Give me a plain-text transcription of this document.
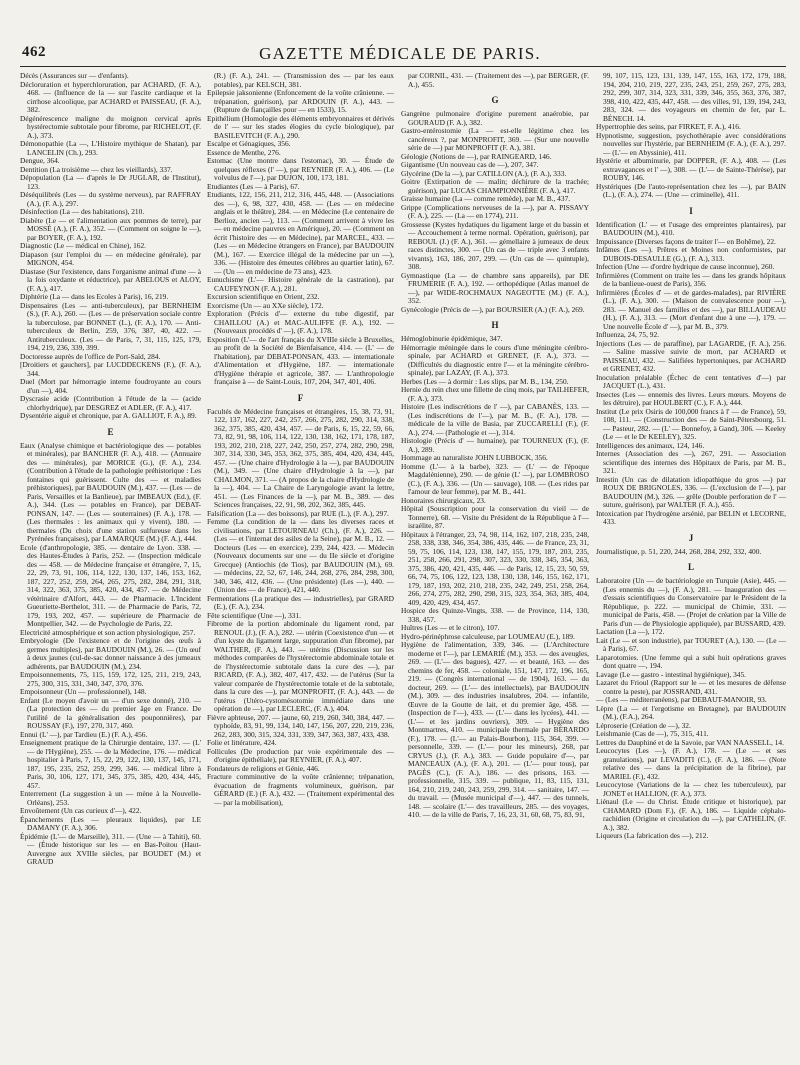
462	GAZETTE MÉDICALE DE PARIS.
Décès (Assurances sur — d'enfants).
Décloruration et hyperchloruration, par ACHARD, (F. A.), 468. — (Influence de la — sur l'ascite cardiaque et la cirrhose alcoolique, par ACHARD et PAISSEAU, (F. A.), 382.
Dégénérescence maligne du moignon cervical après hystérectomie subtotale pour fibrome, par RICHELOT, (F. A.), 373.
Démonopathie (La —, L'Histoire mythique de Shatan), par LANCELIN (Ch.), 293.
Dengue, 364.
Dentition (La troisième — chez les vieillards), 337.
Dépopulation (La — d'après le Dr JUGLAR, de l'Institut), 123.
Déséquilibrés (Les — du système nerveux), par RAFFRAY (A.), (F. A.), 297.
Désinfection (La — des habitations), 210.
Diabète (Le — et l'alimentation aux pommes de terre), par MOSSÉ (A.), (F. A.), 352. — (Comment on soigne le —), par BOYER, (F. A.), 192.
Diagnostic (Le — médical en Chine), 162.
Diapason (sur l'emploi du — en médecine générale), par MIGNON, 454.
Diastase (Sur l'existence, dans l'organisme animal d'une — à la fois oxydante et réductrice), par ABELOUS et ALOY, (F. A.), 417.
Diphtérie (La — dans les Ecoles à Paris), 16, 219.
Dispensaires (Les — anti-tuberculeux), par BERNHEIM (S.), (F. A.), 260. — (Les — de préservation sociale contre la tuberculose, par BONNET (L.), (F. A.), 170. — Anti-tuberculeux de Berlin, 259, 376, 387, 40, 422. — Antituberculeux. (Les — de Paris, 7, 31, 115, 125, 179, 194, 219, 236, 339, 399.
Doctoresse auprès de l'office de Port-Saïd, 284.
[Droitiers et gauchers], par LUCDDECKENS (F.), (F. A.), 344.
Duel (Mort par hémorragie interne foudroyante au cours d'un —), 404.
Dyscrasie acide (Contribution à l'étude de la — (acide chlorhydrique), par DESGREZ et ADLER, (F. A.), 417.
Dysentérie aiguë et chronique, par A. GALLIOT, F. A.), 89.
E
Eaux (Analyse chimique et bactériologique des — potables et minérales), par BANCHER (F. A.), 418. — (Annuaire des — minérales), par MORICE (G.), (F. A.), 234. (Contribution à l'étude de la pathologie préhistorique : Les fontaines qui guérissent. Culte des — et maladies préhistoriques), par BAUDOUIN (M.), 437. — (Les — de Paris, Versailles et la Banlieue), par IMBEAUX (Ed.), (F. A.), 344. (Les — potables en France), par DEBAT-PONSAN, 147. — (Les — souterraines) (F. A.), 178. — (Les thermales : les animaux qui y vivent), 180. — thermales (Du choix d'une station sulfureuse dans les Pyrénées françaises), par LAMARQUE (M.) (F. A.), 444.
Ecole (d'anthropologie, 385. — dentaire de Lyon. 338. — des Hautes-Études à Paris, 252. — (Inspection médicale des — 458. — de Médecine française et étrangère, 7, 15, 22, 29, 73, 91, 106, 114, 122, 130, 137, 146, 153, 162, 187, 227, 252, 259, 264, 265, 275, 282, 284, 291, 318, 314, 322, 363, 375, 385, 420, 434, 457. — de Médecine vétérinaire d'Alfort, 443. — de Pharmacie. L'Incident Gueuriette-Berthelot, 311. — de Pharmacie de Paris, 72, 179, 193, 202, 457. — supérieure de Pharmacie de Montpellier, 342. — de Psychologie de Paris, 22.
Electricité atmosphérique et son action physiologique, 257.
Embryologie (De l'existence et de l'origine des œufs à germes multiples), par BAUDOUIN (M.), 26. — (Un œuf à deux jaunes (cul-de-sac donner naissance à des jumeaux adhérents, par BAUDOUIN (M.), 234.
Empoisonnements, 75, 115, 159, 172, 125, 211, 219, 243, 275, 300, 315, 331, 340, 347, 370, 376.
Empoisonneur (Un — professionnel), 148.
Enfant (Le moyen d'avoir un — d'un sexe donné), 210. — (La protection des — du premier âge en France. De l'utilité de la généralisation des pouponnières), par ROUSSAY (F.), 197, 270, 317, 460.
Ennui (L' —), par Tardieu (E.) (F. A.), 456.
Enseignement pratique de la Chirurgie dentaire, 137. — (L' — de l'Hygiène), 255. — de la Médecine, 176. — médical hospitalier à Paris, 7, 15, 22, 29, 122, 130, 137, 145, 171, 187, 195, 235, 252, 259, 299, 346. — médical libre à Paris, 30, 106, 127, 171, 345, 375, 385, 420, 434, 445, 457.
Enterrement (La suggestion à un — mène à la Nouvelle-Orléans), 253.
Envoûtement (Un cas curieux d'—), 422.
Épanchements (Les — pleuraux liquides), par LE DAMANY (F. A.), 306.
Épidémie (L'— de Marseille), 311. — (Une — à Tahiti), 60. — (Étude historique sur les — en Bas-Poitou (Haut-Auvergne aux XVIIIe siècles, par BOUDET (M.) et GRAUD
(R.) (F. A.), 241. — (Transmission des — par les eaux potables), par KELSCH, 381.
Epilepsie jaksonienne (Enfoncement de la voûte crânienne. — trépanation, guérison), par ARDOUIN (F. A.), 443. — (Rupture de fiançailles pour — en 1533), 15.
Epithélium (Homologie des éléments embryonnaires et dérivés de l' — sur les stades élogies du cycle biologique), par BASILEVITCH (F. A.), 290.
Escalpe et Génagiques, 356.
Essence de Menthe, 276.
Estomac (Une montre dans l'estomac), 30. — Étude de quelques réflexes (l' —), par REYNIER (F. A.), 406. — (Le volvulus de l'—), par DUJON, 100, 173, 181.
Etudiantes (Les — à Paris), 67.
Etudiants, 122, 156, 211, 212, 316, 445, 448. — (Associations des —), 6, 98, 327, 430, 458. — (Les — en médecine anglais et le théâtre), 284. — en Médecine (Le centenaire de Berlioz, ancien —), 113. — (Comment arrivent à vivre les — en médecine pauvres en Amérique), 20. — (Comment on écrit l'histoire des — en Médecine), par MARCEL, 433. — (Les — en Médecine étrangers en France), par BAUDOUIN (M.), 167. — Exercice illégal de la médecine par un —), 336. — (Histoire des émeutes célèbres au quartier latin), 67. — (Un — en médecine de 73 ans), 423.
Eunuchisme (L'— Histoire générale de la castration), par CAUFEYNON (F. A.), 281.
Excursion scientifique en Orient, 232.
Exorcisme (Un — au XXe siècle), 172.
Exploration (Précis d'— externe du tube digestif, par CHAILLOU (A.) et MAC-AULIFFE (F. A.), 192. — (Nouveaux procédés d' —), (F. A.), 178.
Exposition (L'— de l'art français du XVIIIe siècle à Bruxelles, au profit de la Société de Bienfaisance, 414. — (L' — de l'habitation), par DEBAT-PONSAN, 433. — internationale d'Alimentation et d'Hygiène, 187. — internationale d'Hygiène thérapie et agricole, 387. — L'anthropologie française à — de Saint-Louis, 107, 204, 347, 401, 406.
F
Facultés de Médecine françaises et étrangères, 15, 38, 73, 91, 122, 137, 162, 227, 242, 257, 266, 275, 282, 290, 314, 338, 362, 375, 385, 420, 434, 457. — de Paris, 6, 15, 22, 59, 66, 73, 82, 91, 98, 106, 114, 122, 130, 138, 162, 171, 178, 187, 193, 202, 210, 218, 227, 242, 250, 257, 274, 282, 290, 298, 307, 314, 330, 345, 353, 362, 375, 385, 404, 420, 434, 445, 457. — (Une chaire d'Hydrologie à la —), par BAUDOUIN (M.), 349. — (Une chaire d'Hydrologie à la —), par CHALMON, 371. — (A propos de la chaire d'Hydrologie de la —), 404. — La Chaire de Laryngologie avant la lettre, 451. — (Les Finances de la —), par M. B., 389. — des Sciences françaises, 22, 91, 98, 202, 362, 385, 445.
Falsification (La — des boissons), par RUE (L.), (F. A.), 297.
Femme (La condition de la — dans les diverses races et civilisations, par LETOURNEAU (Ch.), (F. A.), 226. — (Les — et l'internat des asiles de la Seine), par M. B., 12. — Docteurs (Les — en exercice), 239, 244, 423. — Médecin (Nouveaux documents sur une — du IIe siècle et d'origine Grecque) (Antiochis (de Tios), par BAUDOUIN (M.), 69. — médecins, 22, 52, 67, 146, 244, 268, 276, 284, 298, 300, 340, 346, 412, 436. — (Une présidente) (Les —), 440. — (Union des — de France), 421, 440.
Fermentations (La pratique des — industrielles), par GRARD (E.), (F. A.), 234.
Fête scientifique (Une —), 331.
Fibrome de la portion abdominale du ligament rond, par RENOUL (J.), (F. A.), 282. — utérin (Coexistence d'un — et d'un kyste du ligament large, suppuration d'un fibrome), par WALTHER, (F. A.), 443. — utérins (Discussion sur les méthodes comparées de l'hystérectomie abdominale totale et de l'hystérectomie subtotale dans la cure des —), par RICARD, (F. A.), 382, 407, 417, 432. — de l'utérus (Sur la valeur comparée de l'hystérectomie totale et de la subtotale, dans la cure des —), par MONPROFIT, (F. A.), 443. — de l'utérus (Utéro-cystomésotomie immédiate dans une opération de —), par LECLERC, (F. A.), 404.
Fièvre aphteuse, 207. — jaune, 60, 219, 260, 340, 384, 447. — typhoïde, 83, 91, 99, 134, 140, 147, 156, 207, 220, 219, 236, 262, 283, 300, 315, 324, 331, 339, 347, 363, 387, 433, 438.
Folie et littérature, 424.
Follicules (De production par voie expérimentale des — d'origine épithéliale), par REYNIER, (F. A.), 407.
Fondateurs de religions et Génie, 446.
Fracture comminutive de la voûte crânienne; trépanation, évacuation de fragments volumineux, guérison, par GÉRARD (E.) (F. A.), 432. — (Traitement expérimental des — par la mobilisation),
par CORNIL, 431. — (Traitement des —), par BERGER, (F. A.), 455.
G
Gangrène pulmonaire d'origine purement anaérobie, par GOURAUD (F. A.), 382.
Gastro-entérostomie (La — est-elle légitime chez les cancéreux ?, par MONPROFIT, 369. — (Sur une nouvelle série de —) par MONPROFIT (F. A.), 381.
Géologie (Notions de —), par RAINGEARD, 146.
Gigantisme (Un nouveau cas de —), 207, 347.
Glycérine (De la —), par CATILLON (A.), (F. A.), 333.
Goitre (Extirpation de — malin; déchirure de la trachée; guérison), par LUCAS CHAMPIONNIÈRE (F. A.), 417.
Graisse humaine (La — comme remède), par M. B., 437.
Grippe (Complications nerveuses de la —), par A. PISSAVY (F. A.), 225. — (La — en 1774), 211.
Grossesse (Kystes hydatiques du ligament large et du bassin et — Accouchement à terme normal. Opération, guérison), par REBOUL (J.) (F. A.), 361. — gémellaire à jumeaux de deux races distinctes, 300. — (Un cas de — triple avec 3 enfants vivants), 163, 186, 207, 299. — (Un cas de — quintuple), 308.
Gymnastique (La — de chambre sans appareils), par DE FRUMERIE (F. A.), 192. — orthopédique (Atlas manuel de —), par WIDE-ROCHMAUX NAGEOTTE (M.) (F. A.), 352.
Gynécologie (Précis de —), par BOURSIER (A.) (F. A.), 269.
H
Hémoglobinurie épidémique, 347.
Hémorragie méningée dans le cours d'une méningite cérébro-spinale, par ACHARD et GRENET, (F. A.), 373. — (Difficultés du diagnostic entre l'— et la méningite cérébro-spinale), par LAZAY, (F. A.), 373.
Herbes (Les — à dormir : Les slips, par M. B., 134, 250.
Hernie du rein chez une fillette de cinq mois, par TAILHEFER, (F. A.), 373.
Histoire (Les indiscrétions de l' —), par CABANÈS, 133. — (Les indiscrétions de l'—), par M. B., (F. A.), 178. — médicale de la ville de Basia, par ZUCCARELLI (F.), (F. A.), 274. — (Pathologie et —), 314.
Histologie (Précis d' — humaine), par TOURNEUX (F.), (F. A.), 289.
Hommage au naturaliste JOHN LUBBOCK, 356.
Homme (L'— à la barbe), 323. — (L' — de l'époque Magdalénienne), 290. — de génie (L' —), par LOMBROSO (C.), (F. A.), 336. — (Un — sauvage), 108. — (Les rides par l'amour de leur femme), par M. B., 441.
Honoraires chirurgicaux, 23.
Hôpital (Souscription pour la conservation du vieil — de Tonnerre), 68. — Visite du Président de la République à l'— israélite, 87.
Hôpitaux à l'étranger, 23, 74, 98, 114, 162, 107, 218, 235, 248, 258, 338, 338, 346, 354, 386, 435, 446. — de France, 23, 31, 59, 75, 106, 114, 123, 138, 147, 155, 179, 187, 203, 235, 251, 258, 266, 291, 298, 307, 323, 330, 338, 345, 354, 363, 375, 386, 420, 421, 435, 446. — de Paris, 12, 15, 23, 50, 59, 66, 74, 75, 106, 122, 123, 138, 130, 138, 146, 155, 162, 171, 179, 187, 193, 202, 210, 218, 235, 242, 249, 251, 258, 264, 266, 274, 275, 282, 290, 298, 315, 323, 354, 363, 385, 404, 409, 420, 429, 434, 457.
Hospice des Quinze-Vingts, 338. — de Province, 114, 130, 338, 457.
Huîtres (Les — et le citron), 107.
Hydro-périnéphrose calculeuse, par LOUMEAU (E.), 189.
Hygiène de l'alimentation, 339, 346. — (L'Architecture moderne et l'—), par LEMARIÉ (M.), 353. — des aveugles, 269. — (L'— des bagues), 427. — et beauté, 163. — des chemins de fer, 458. — coloniale, 151, 147, 172, 196, 165, 219. — (Congrès international — de 1904), 163. — du docteur, 269. — (L'— des intellectuels), par BAUDOUIN (M.), 309. — des industries insalubres, 204. — infantile, Œuvre de la Goutte de lait, et du premier âge, 458. — (Inspection de l'—), 433. — (L'— dans les lycées), 441. — (L'— et les jardins ouvriers), 309. — Hygiène des Montmartres, 410. — municipale thermale par BÉRARDO (F.), 178. — (L'— au Palais-Bourbon), 115, 364, 399. — personnelle, 339. — (L'— pour les mineurs), 268, par CRYUS (J.), (F. A.), 383. — Guide populaire d'—, par MANCEAUX (A.), (F. A.), 201. — (L'— pour tous), par PAGÈS (C.), (F. A.), 186. — des prisons, 163. — professionnelle, 315, 339. — publique, 11, 83, 115, 131, 164, 210, 219, 240, 243, 259, 299, 314. — sanitaire, 147. — du travail. — (Musée municipal d'—), 447. — des tunnels, 148. — scolaire (L'— des travailleurs, 285. — des voyages, 410. — de la ville de Paris, 7, 16, 23, 31, 60, 68, 75, 83, 91,
99, 107, 115, 123, 131, 139, 147, 155, 163, 172, 179, 188, 194, 204, 210, 219, 227, 235, 243, 251, 259, 267, 275, 283, 292, 299, 307, 314, 323, 331, 339, 346, 355, 363, 376, 387, 398, 410, 422, 435, 447, 458. — des villes, 91, 139, 194, 243, 283, 324. — des voyageurs en chemin de fer, par L. BÉNECH. 14.
Hypertrophie des seins, par FIRKET, F. A.), 416.
Hypnotisme, suggestion, psychothérapie avec considérations nouvelles sur l'hystérie, par BERNHEIM (F. A.), (F. A.), 297. — (L'— en Abyssinie), 411.
Hystérie et albuminurie, par DOPPER, (F. A.), 408. — (Les extravagances et l' —), 308. — (L'— de Sainte-Thérèse), par ROUBY, 146.
Hystériques (De l'auto-représentation chez les —), par BAIN (L.), (F. A.), 274. — (Une — criminelle), 411.
I
Identification (L' — et l'usage des empreintes plantaires), par BAUDOUIN (M.), 410.
Impuissance (Diverses façons de traiter l'— en Bohême), 22.
Infâmes (Les —). Prêtres et Moines non conformistes, par DUBOIS-DESAULLE (G.), (F. A.), 313.
Infection (Une — d'ordre hydrique de cause inconnue), 260.
Infirmières (Comment on traite les — dans les grands hôpitaux de la banlieue-ouest de Paris), 356.
Infirmières (Écoles d' — et de gardes-malades), par RIVIÈRE (L.), (F. A.), 300. — (Maison de convalescence pour —), 283. — Manuel des familles et des —), par BILLAUDEAU (H.), (F. A.), 313. — (Mort d'enfant due à une —), 179. — Une nouvelle École d' —), par M. B., 379.
Influenza, 24, 75, 92.
Injections (Les — de paraffine), par LAGARDE, (F. A.), 256. — Saline massive suivie de mort, par ACHARD et PAISSEAU, 432. — Salifiées hypertoniques, par ACHARD et GRENET, 432.
Inoculation préalable (Échec de cent tentatives d'—) par JACQUET (L.), 431.
Insectes (Les — ennemis des livres. Leurs mœurs. Moyens de les détruire), par HOULBERT (C.), F. A.), 444.
Institut (Le prix Osiris de 100,000 francs à l' — de France), 59, 108, 111. — (Construction des — de Saint-Pétersbourg, 51. — Pasteur, 282. — (L' — Bonnefoy, à Gand), 306. — Keeley (Le — et le Dr KEELEY), 325.
Intelligences des animaux, 124, 146.
Internes (Association des —), 267, 291. — Association scientifique des internes des Hôpitaux de Paris, par M. B., 321.
Intestin (Un cas de dilatation idiopathique du gros —) par ROUX DE BRIGNOLES, 336. — (L'exclusion de l'—), par BAUDOUIN (M.), 326. — grêle (Double perforation de l' — suture, guérison), par WALTER (F. A.), 455.
Intoxication par l'hydrogène arsénié, par BELIN et LECORNE, 433.
J
Journalistique, p. 51, 220, 244, 268, 284, 292, 332, 400.
L
Laboratoire (Un — de bactériologie en Turquie (Asie), 445. — (Les ennemis du —), (F. A.), 281. — Inauguration des — d'essais scientifiques du Conservatoire par le Président de la République, p. 222. — municipal de Chimie, 331. — municipal de Paris, 458. — (Projet de création par la Ville de Paris d'un — de Physiologie appliquée), par BUSSARD, 439.
Lactation (La —), 172.
Lait (Le — et son industrie), par TOURET (A.), 130. — (Le — à Paris), 67.
Laparotomies. (Une femme qui a subi huit opérations graves dont quatre —, 194.
Lavage (Le — gastro - intestinal hygiénique), 345.
Lazaret du Frioul (Rapport sur le — et les mesures de défense contre la peste), par JOSSRAND, 431.
— (Les — méditerranéens), par DEBAUT-MANOIR, 93.
Lèpre (La — et l'ergotisme en Bretagne), par BAUDOUIN (M.), (F.A.), 264.
Léproserie (Création de —), 32.
Leishmanie (Cas de —), 75, 315, 411.
Lettres du Dauphiné et de la Savoie, par VAN NAASSELL, 14.
Leucocytes (Les —), (F. A.), 178. — (Le — et ses granulations), par LEVADITI (C.), (F. A.), 186. — (Note relative des — dans la précipitation de la fibrine), par MARIEL (F.), 432.
Leucocytose (Variations de la — chez les tuberculeux), par JONET et HALLION, (F. A.), 373.
Liénaul (Le — du Christ. Étude critique et historique), par CHAMARD (Dom F.), (F. A.), 186. — Liquide céphalo-rachidien (Origine et circulation du —), par CATHELIN, (F. A.), 382.
Liqueurs (La fabrication des —), 212.
